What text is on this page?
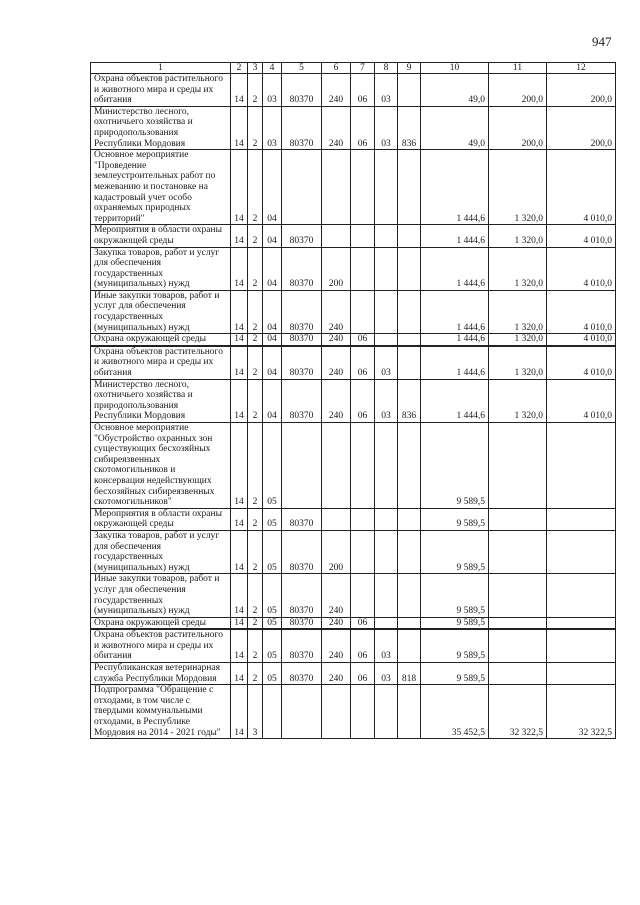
947
1	2	3	4	5	6	7	8	9	10	11	12
Охрана объектов растительного и животного мира и среды их обитания	14	2	03	80370	240	06	03		49,0	200,0	200,0
Министерство лесного, охотничьего хозяйства и природопользования Республики Мордовия	14	2	03	80370	240	06	03	836	49,0	200,0	200,0
Основное мероприятие "Проведение землеустроительных работ по межеванию и постановке на кадастровый учет особо охраняемых природных территорий"	14	2	04						1 444,6	1 320,0	4 010,0
Мероприятия в области охраны окружающей среды	14	2	04	80370					1 444,6	1 320,0	4 010,0
Закупка товаров, работ и услуг для обеспечения государственных (муниципальных) нужд	14	2	04	80370	200				1 444,6	1 320,0	4 010,0
Иные закупки товаров, работ и услуг для обеспечения государственных (муниципальных) нужд	14	2	04	80370	240				1 444,6	1 320,0	4 010,0
Охрана окружающей среды	14	2	04	80370	240	06			1 444,6	1 320,0	4 010,0
Охрана объектов растительного и животного мира и среды их обитания	14	2	04	80370	240	06	03		1 444,6	1 320,0	4 010,0
Министерство лесного, охотничьего хозяйства и природопользования Республики Мордовия	14	2	04	80370	240	06	03	836	1 444,6	1 320,0	4 010,0
Основное мероприятие "Обустройство охранных зон существующих бесхозяйных сибиреязвенных скотомогильников и консервация недействующих бесхозяйных сибиреязвенных скотомогильников"	14	2	05						9 589,5		
Мероприятия в области охраны окружающей среды	14	2	05	80370					9 589,5		
Закупка товаров, работ и услуг для обеспечения государственных (муниципальных) нужд	14	2	05	80370	200				9 589,5		
Иные закупки товаров, работ и услуг для обеспечения государственных (муниципальных) нужд	14	2	05	80370	240				9 589,5		
Охрана окружающей среды	14	2	05	80370	240	06			9 589,5		
Охрана объектов растительного и животного мира и среды их обитания	14	2	05	80370	240	06	03		9 589,5		
Республиканская ветеринарная служба Республики Мордовия	14	2	05	80370	240	06	03	818	9 589,5		
Подпрограмма "Обращение с отходами, в том числе с твердыми коммунальными отходами, в Республике Мордовия на 2014 - 2021 годы"	14	3							35 452,5	32 322,5	32 322,5
